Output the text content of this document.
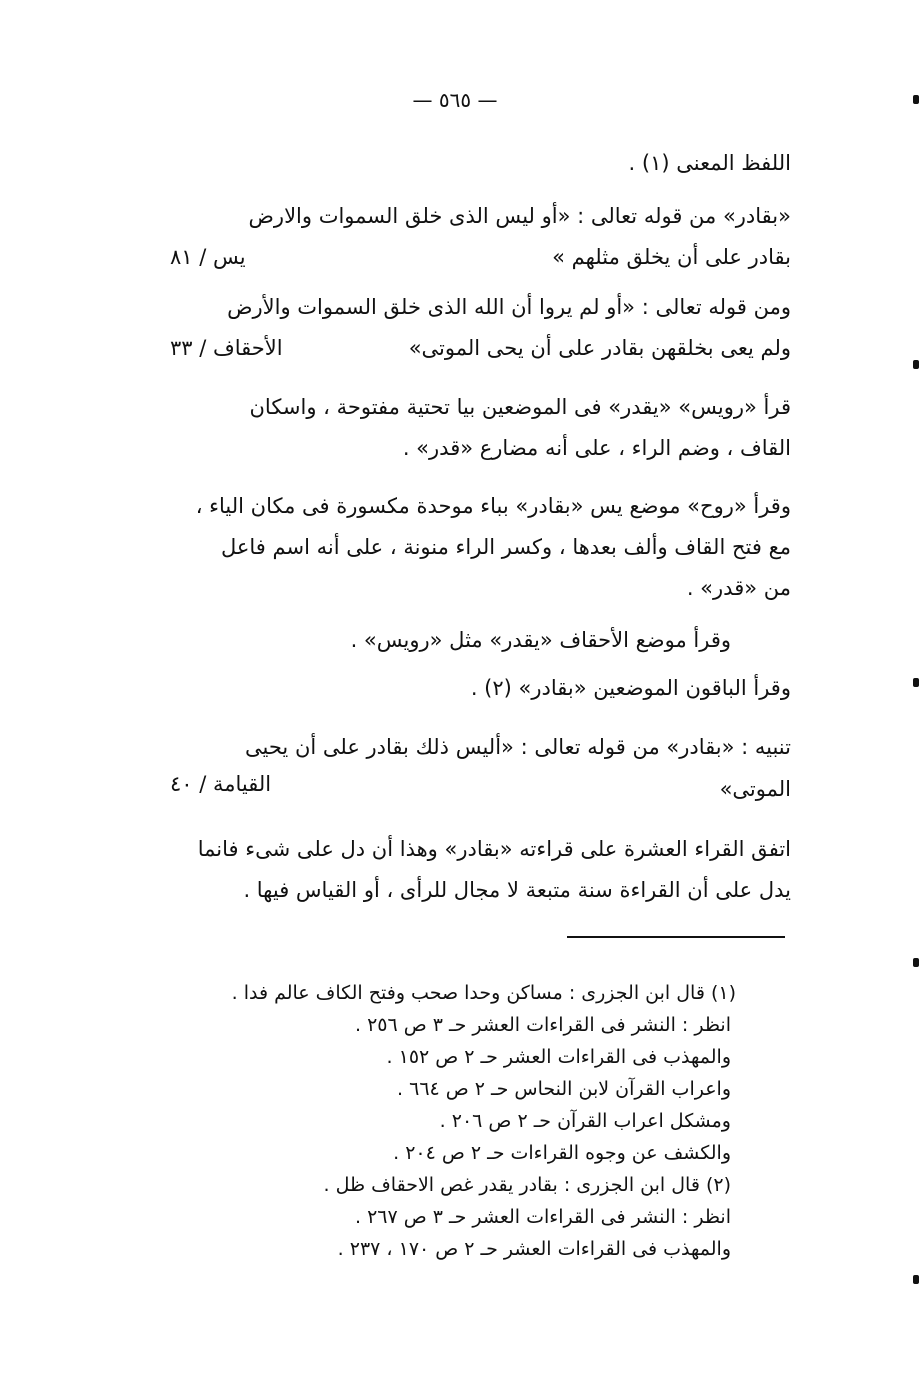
— ٥٦٥ —
اللفظ المعنى (١) .
«بقادر» من قوله تعالى : «أو ليس الذى خلق السموات والارض
بقادر على أن يخلق مثلهم »
يس / ٨١
ومن قوله تعالى : «أو لم يروا أن الله الذى خلق السموات والأرض
ولم يعى بخلقهن بقادر على أن يحى الموتى»
الأحقاف / ٣٣
قرأ «رويس» «يقدر» فى الموضعين بيا تحتية مفتوحة ، واسكان
القاف ، وضم الراء ، على أنه مضارع «قدر» .
وقرأ «روح» موضع يس «بقادر» بباء موحدة مكسورة فى مكان الياء ،
مع فتح القاف وألف بعدها ، وكسر الراء منونة ، على أنه اسم فاعل
من «قدر» .
وقرأ موضع الأحقاف «يقدر» مثل «رويس» .
وقرأ الباقون الموضعين «بقادر» (٢) .
تنبيه : «بقادر» من قوله تعالى : «أليس ذلك بقادر على أن يحيى
الموتى»
القيامة / ٤٠
اتفق القراء العشرة على قراءته «بقادر» وهذا أن دل على شىء فانما
يدل على أن القراءة سنة متبعة لا مجال للرأى ، أو القياس فيها .
(١) قال ابن الجزرى : مساكن وحدا صحب وفتح الكاف عالم فدا .
انظر : النشر فى القراءات العشر حـ ٣ ص ٢٥٦ .
والمهذب فى القراءات العشر حـ ٢ ص ١٥٢ .
واعراب القرآن لابن النحاس حـ ٢ ص ٦٦٤ .
ومشكل اعراب القرآن حـ ٢ ص ٢٠٦ .
والكشف عن وجوه القراءات حـ ٢ ص ٢٠٤ .
(٢) قال ابن الجزرى : بقادر يقدر غص الاحقاف ظل .
انظر : النشر فى القراءات العشر حـ ٣ ص ٢٦٧ .
والمهذب فى القراءات العشر حـ ٢ ص ١٧٠ ، ٢٣٧ .
